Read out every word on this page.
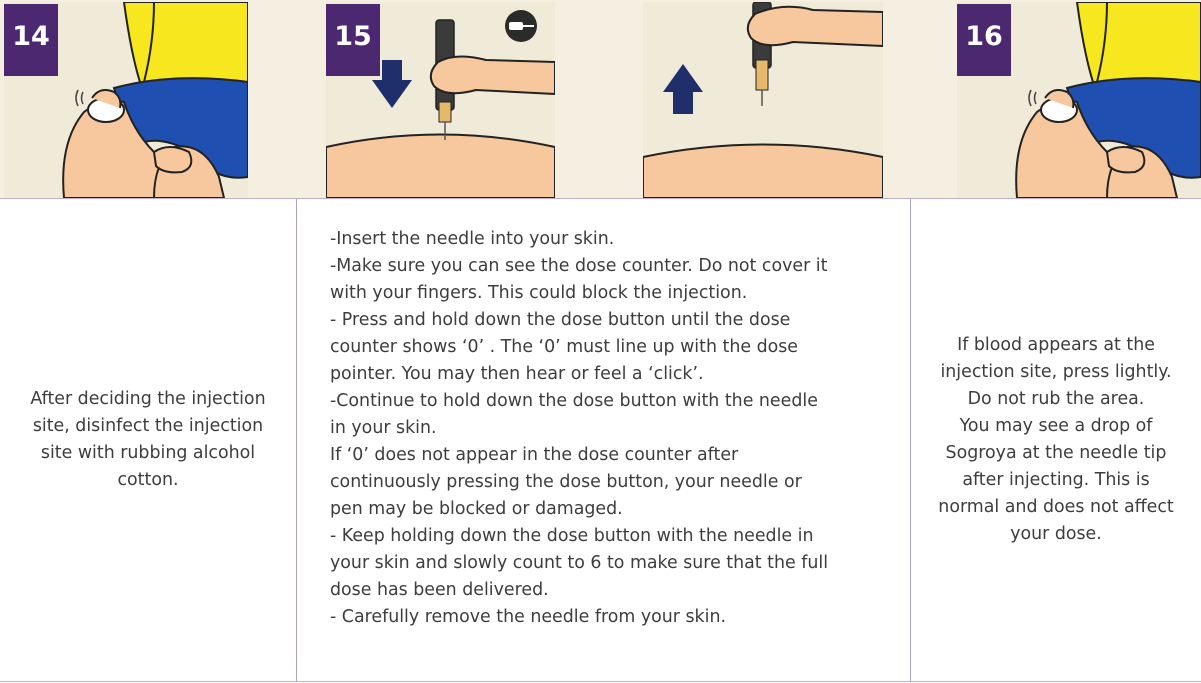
14	15	16
After deciding the injection
site, disinfect the injection
site with rubbing alcohol
cotton.
-Insert the needle into your skin.
-Make sure you can see the dose counter. Do not cover it
with your fingers. This could block the injection.
- Press and hold down the dose button until the dose
counter shows ‘0’ . The ‘0’ must line up with the dose
pointer. You may then hear or feel a ‘click’.
-Continue to hold down the dose button with the needle
in your skin.
If ‘0’ does not appear in the dose counter after
continuously pressing the dose button, your needle or
pen may be blocked or damaged.
- Keep holding down the dose button with the needle in
your skin and slowly count to 6 to make sure that the full
dose has been delivered.
- Carefully remove the needle from your skin.
If blood appears at the
injection site, press lightly.
Do not rub the area.
You may see a drop of
Sogroya at the needle tip
after injecting. This is
normal and does not affect
your dose.
